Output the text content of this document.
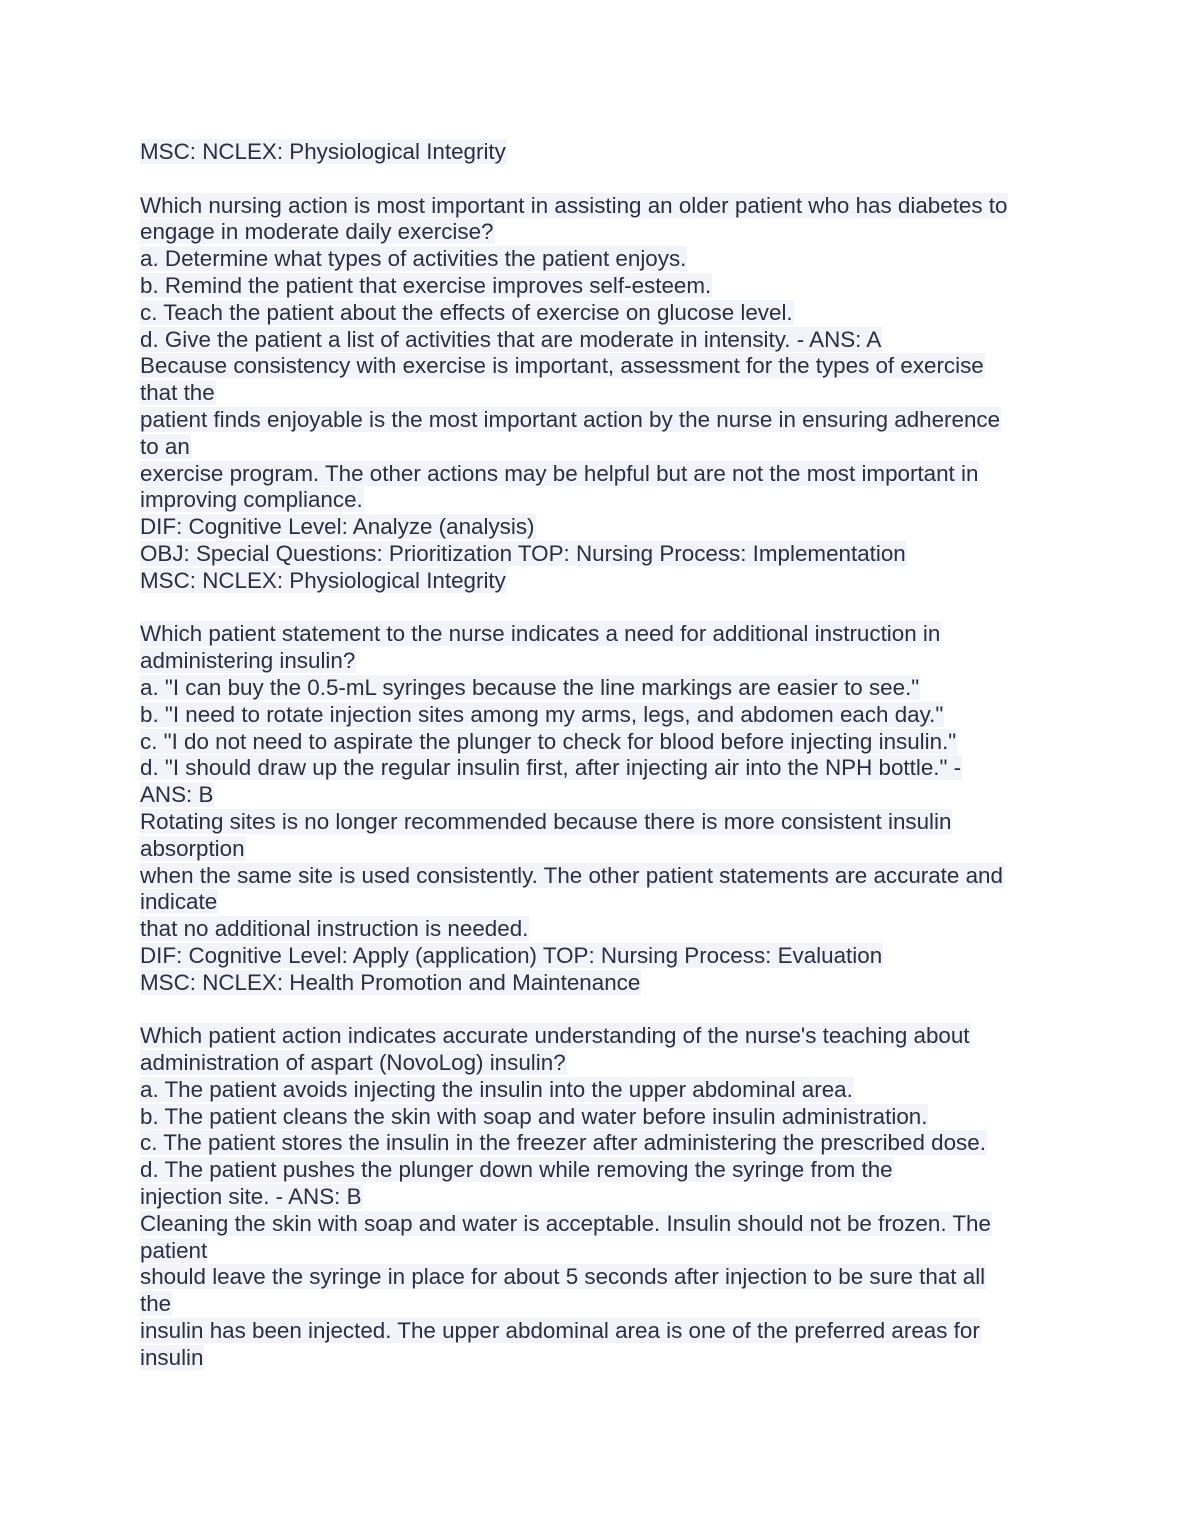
MSC: NCLEX: Physiological Integrity
Which nursing action is most important in assisting an older patient who has diabetes to
engage in moderate daily exercise?
a. Determine what types of activities the patient enjoys.
b. Remind the patient that exercise improves self-esteem.
c. Teach the patient about the effects of exercise on glucose level.
d. Give the patient a list of activities that are moderate in intensity. - ANS: A
Because consistency with exercise is important, assessment for the types of exercise
that the
patient finds enjoyable is the most important action by the nurse in ensuring adherence
to an
exercise program. The other actions may be helpful but are not the most important in
improving compliance.
DIF: Cognitive Level: Analyze (analysis)
OBJ: Special Questions: Prioritization TOP: Nursing Process: Implementation
MSC: NCLEX: Physiological Integrity
Which patient statement to the nurse indicates a need for additional instruction in
administering insulin?
a. "I can buy the 0.5-mL syringes because the line markings are easier to see."
b. "I need to rotate injection sites among my arms, legs, and abdomen each day."
c. "I do not need to aspirate the plunger to check for blood before injecting insulin."
d. "I should draw up the regular insulin first, after injecting air into the NPH bottle." -
ANS: B
Rotating sites is no longer recommended because there is more consistent insulin
absorption
when the same site is used consistently. The other patient statements are accurate and
indicate
that no additional instruction is needed.
DIF: Cognitive Level: Apply (application) TOP: Nursing Process: Evaluation
MSC: NCLEX: Health Promotion and Maintenance
Which patient action indicates accurate understanding of the nurse's teaching about
administration of aspart (NovoLog) insulin?
a. The patient avoids injecting the insulin into the upper abdominal area.
b. The patient cleans the skin with soap and water before insulin administration.
c. The patient stores the insulin in the freezer after administering the prescribed dose.
d. The patient pushes the plunger down while removing the syringe from the
injection site. - ANS: B
Cleaning the skin with soap and water is acceptable. Insulin should not be frozen. The
patient
should leave the syringe in place for about 5 seconds after injection to be sure that all
the
insulin has been injected. The upper abdominal area is one of the preferred areas for
insulin
